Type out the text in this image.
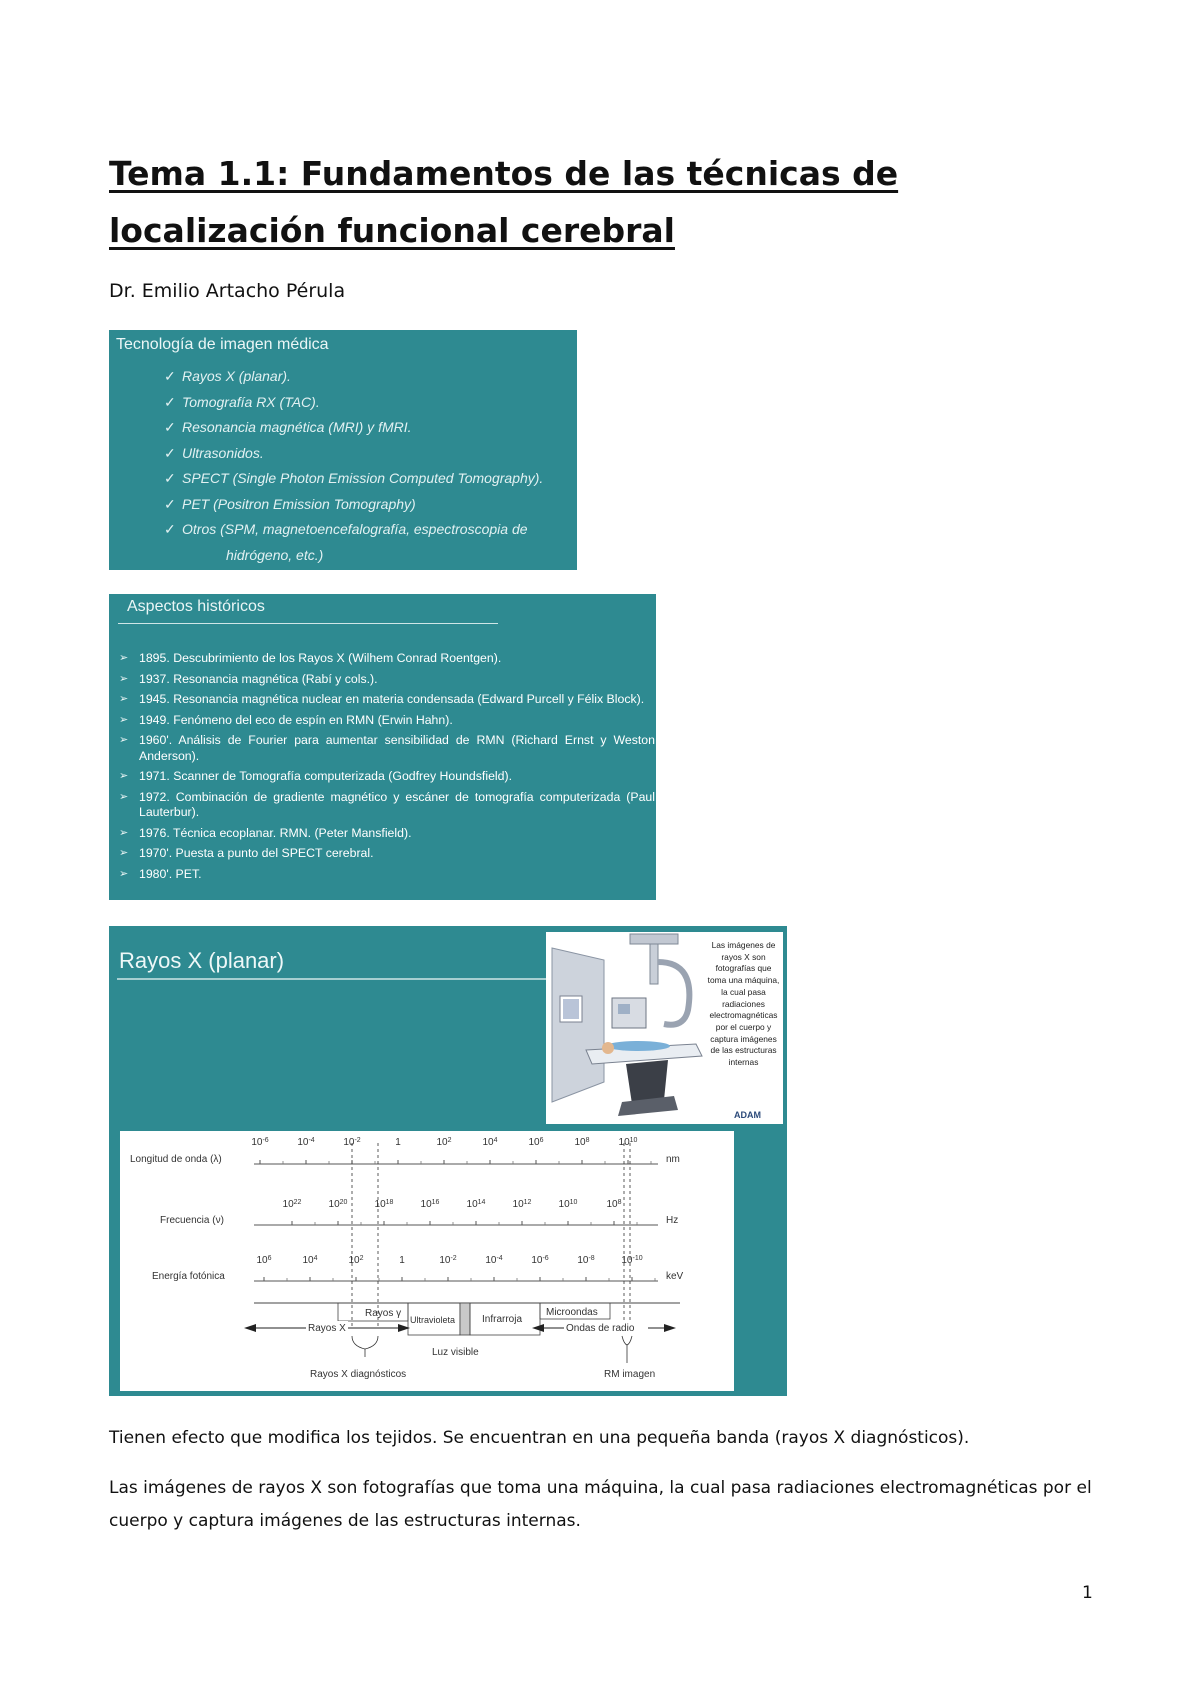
Tema 1.1: Fundamentos de las técnicas de localización funcional cerebral
Dr. Emilio Artacho Pérula
Tecnología de imagen médica
✓ Rayos X (planar).
✓ Tomografía RX (TAC).
✓ Resonancia magnética (MRI) y fMRI.
✓ Ultrasonidos.
✓ SPECT (Single Photon Emission Computed Tomography).
✓ PET (Positron Emission Tomography)
✓ Otros (SPM, magnetoencefalografía, espectroscopia de
hidrógeno, etc.)
Aspectos históricos
➢ 1895. Descubrimiento de los Rayos X (Wilhem Conrad Roentgen).
➢ 1937. Resonancia magnética (Rabí y cols.).
➢ 1945. Resonancia magnética nuclear en materia condensada (Edward Purcell y Félix Block).
➢ 1949. Fenómeno del eco de espín en RMN (Erwin Hahn).
➢ 1960'. Análisis de Fourier para aumentar sensibilidad de RMN (Richard Ernst y Weston Anderson).
➢ 1971. Scanner de Tomografía computerizada (Godfrey Houndsfield).
➢ 1972. Combinación de gradiente magnético y escáner de tomografía computerizada (Paul Lauterbur).
➢ 1976. Técnica ecoplanar. RMN. (Peter Mansfield).
➢ 1970'. Puesta a punto del SPECT cerebral.
➢ 1980'. PET.
Rayos X (planar)
Las imágenes de rayos X son fotografías que toma una máquina, la cual pasa radiaciones electromagnéticas por el cuerpo y captura imágenes de las estructuras internas
ADAM
Longitud de onda (λ)	nm
$10^{-6}$	$10^{-4}$	$10^{-2}$	1	$10^2$	$10^4$	$10^6$	$10^8$	$10^{10}$
Frecuencia (ν)	Hz
$10^{22}$	$10^{20}$	$10^{18}$	$10^{16}$	$10^{14}$	$10^{12}$	$10^{10}$	$10^8$
Energía fotónica	keV
$10^6$	$10^4$	$10^2$	1	$10^{-2}$	$10^{-4}$	$10^{-6}$	$10^{-8}$	$10^{-10}$
Rayos γ
Ultravioleta	Infrarroja
Microondas
Rayos X	Ondas de radio
Rayos X diagnósticos
Luz visible
RM imagen

Tienen efecto que modifica los tejidos. Se encuentran en una pequeña banda (rayos X diagnósticos).

Las imágenes de rayos X son fotografías que toma una máquina, la cual pasa radiaciones electromagnéticas por el cuerpo y captura imágenes de las estructuras internas.

1
